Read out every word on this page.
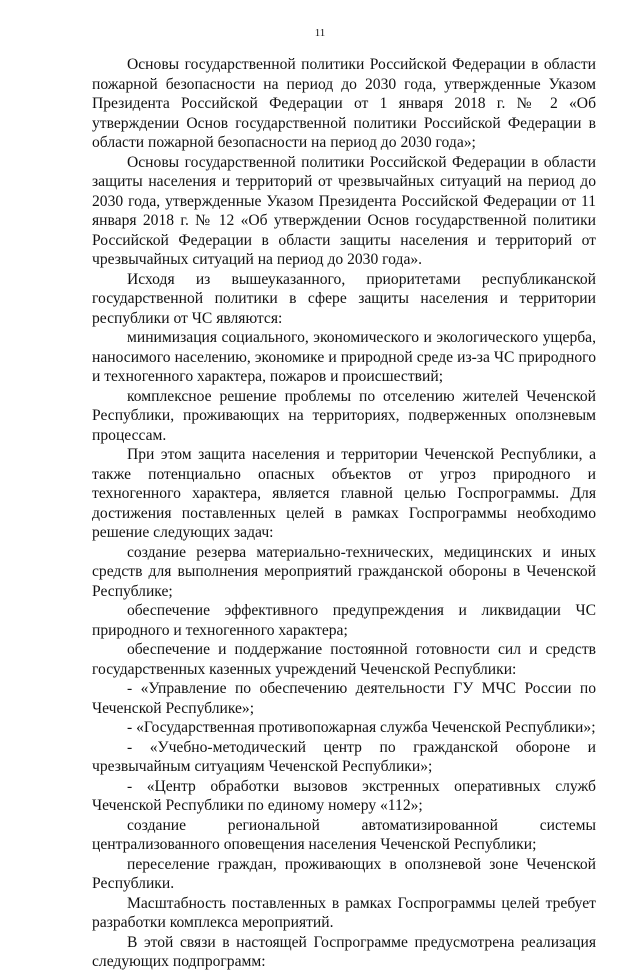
11

Основы государственной политики Российской Федерации в области пожарной безопасности на период до 2030 года, утвержденные Указом Президента Российской Федерации от 1 января 2018 г. № 2 «Об утверждении Основ государственной политики Российской Федерации в области пожарной безопасности на период до 2030 года»;

Основы государственной политики Российской Федерации в области защиты населения и территорий от чрезвычайных ситуаций на период до 2030 года, утвержденные Указом Президента Российской Федерации от 11 января 2018 г. № 12 «Об утверждении Основ государственной политики Российской Федерации в области защиты населения и территорий от чрезвычайных ситуаций на период до 2030 года».

Исходя из вышеуказанного, приоритетами республиканской государственной политики в сфере защиты населения и территории республики от ЧС являются:

минимизация социального, экономического и экологического ущерба, наносимого населению, экономике и природной среде из-за ЧС природного и техногенного характера, пожаров и происшествий;

комплексное решение проблемы по отселению жителей Чеченской Республики, проживающих на территориях, подверженных оползневым процессам.

При этом защита населения и территории Чеченской Республики, а также потенциально опасных объектов от угроз природного и техногенного характера, является главной целью Госпрограммы. Для достижения поставленных целей в рамках Госпрограммы необходимо решение следующих задач:

создание резерва материально-технических, медицинских и иных средств для выполнения мероприятий гражданской обороны в Чеченской Республике;

обеспечение эффективного предупреждения и ликвидации ЧС природного и техногенного характера;

обеспечение и поддержание постоянной готовности сил и средств государственных казенных учреждений Чеченской Республики:

- «Управление по обеспечению деятельности ГУ МЧС России по Чеченской Республике»;

- «Государственная противопожарная служба Чеченской Республики»;

- «Учебно-методический центр по гражданской обороне и чрезвычайным ситуациям Чеченской Республики»;

- «Центр обработки вызовов экстренных оперативных служб Чеченской Республики по единому номеру «112»;

создание региональной автоматизированной системы централизованного оповещения населения Чеченской Республики;

переселение граждан, проживающих в оползневой зоне Чеченской Республики.

Масштабность поставленных в рамках Госпрограммы целей требует разработки комплекса мероприятий.

В этой связи в настоящей Госпрограмме предусмотрена реализация следующих подпрограмм:
